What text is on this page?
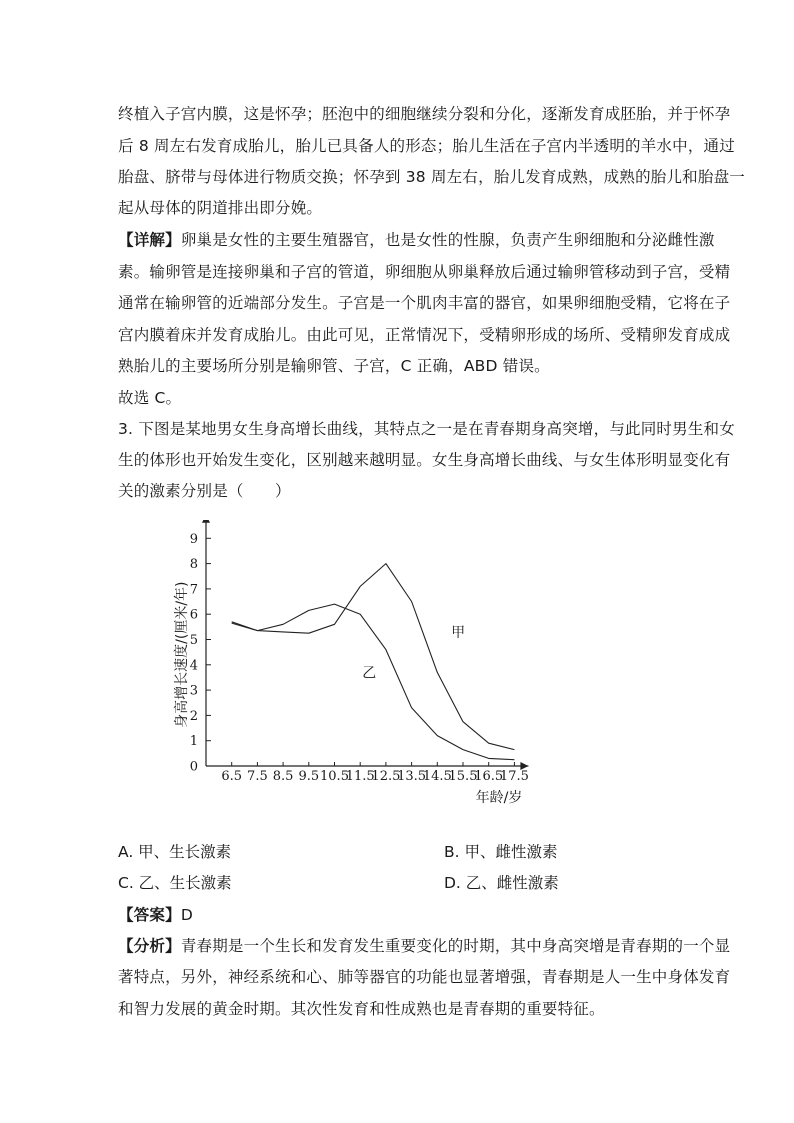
终植入子宫内膜，这是怀孕；胚泡中的细胞继续分裂和分化，逐渐发育成胚胎，并于怀孕
后 8 周左右发育成胎儿，胎儿已具备人的形态；胎儿生活在子宫内半透明的羊水中，通过
胎盘、脐带与母体进行物质交换；怀孕到 38 周左右，胎儿发育成熟，成熟的胎儿和胎盘一
起从母体的阴道排出即分娩。
【详解】卵巢是女性的主要生殖器官，也是女性的性腺，负责产生卵细胞和分泌雌性激
素。输卵管是连接卵巢和子宫的管道，卵细胞从卵巢释放后通过输卵管移动到子宫，受精
通常在输卵管的近端部分发生。子宫是一个肌肉丰富的器官，如果卵细胞受精，它将在子
宫内膜着床并发育成胎儿。由此可见，正常情况下，受精卵形成的场所、受精卵发育成成
熟胎儿的主要场所分别是输卵管、子宫，C 正确，ABD 错误。
故选 C。
3. 下图是某地男女生身高增长曲线，其特点之一是在青春期身高突增，与此同时男生和女
生的体形也开始发生变化，区别越来越明显。女生身高增长曲线、与女生体形明显变化有
关的激素分别是（　　）
0
1
2
3
4
5
6
7
8
9
6.5 7.5 8.5 9.5 10.5
11.5
12.5
13.5
14.5
15.5
16.5
17.5
甲
乙
身高增长速度/(厘米/年)
年龄/岁
A. 甲、生长激素	B. 甲、雌性激素
C. 乙、生长激素	D. 乙、雌性激素
【答案】D
【分析】青春期是一个生长和发育发生重要变化的时期，其中身高突增是青春期的一个显
著特点，另外，神经系统和心、肺等器官的功能也显著增强，青春期是人一生中身体发育
和智力发展的黄金时期。其次性发育和性成熟也是青春期的重要特征。
